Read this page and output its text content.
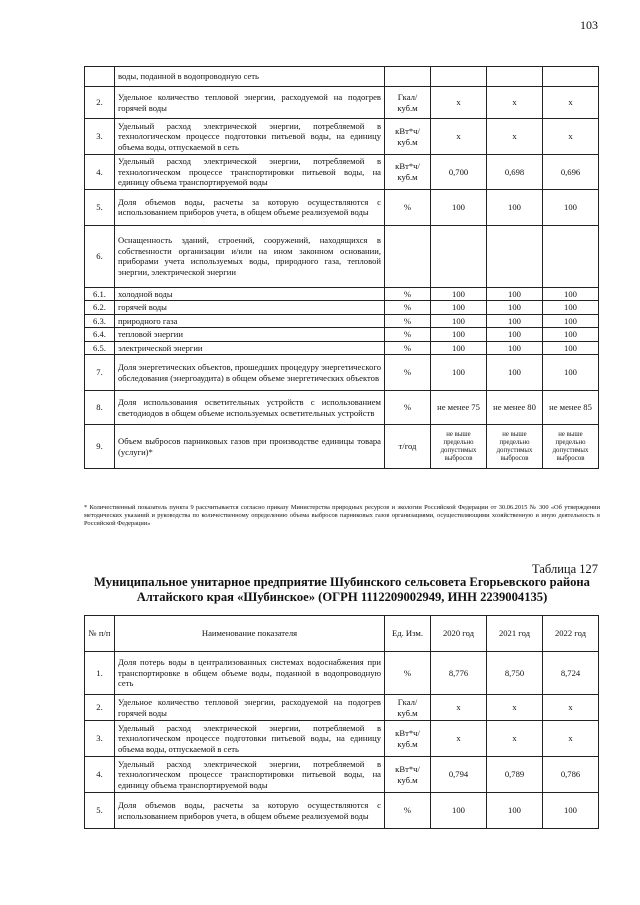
103
	воды, поданной в водопроводную сеть				
2.	Удельное количество тепловой энергии, расходуемой на подогрев горячей воды	Гкал/ куб.м	х	х	х
3.	Удельный расход электрической энергии, потребляемой в технологическом процессе подготовки питьевой воды, на единицу объема воды, отпускаемой в сеть	кВт*ч/ куб.м	х	х	х
4.	Удельный расход электрической энергии, потребляемой в технологическом процессе транспортировки питьевой воды, на единицу объема транспортируемой воды	кВт*ч/ куб.м	0,700	0,698	0,696
5.	Доля объемов воды, расчеты за которую осуществляются с использованием приборов учета, в общем объеме реализуемой воды	%	100	100	100
6.	Оснащенность зданий, строений, сооружений, находящихся в собственности организации и/или на ином законном основании, приборами учета используемых воды, природного газа, тепловой энергии, электрической энергии				
6.1.	холодной воды	%	100	100	100
6.2.	горячей воды	%	100	100	100
6.3.	природного газа	%	100	100	100
6.4.	тепловой энергии	%	100	100	100
6.5.	электрической энергии	%	100	100	100
7.	Доля энергетических объектов, прошедших процедуру энергетического обследования (энергоаудита) в общем объеме энергетических объектов	%	100	100	100
8.	Доля использования осветительных устройств с использованием светодиодов в общем объеме используемых осветительных устройств	%	не менее 75	не менее 80	не менее 85
9.	Объем выбросов парниковых газов при производстве единицы товара (услуги)*	т/год	не выше предельно допустимых выбросов	не выше предельно допустимых выбросов	не выше предельно допустимых выбросов
* Количественный показатель пункта 9 рассчитывается согласно приказу Министерства природных ресурсов и экологии Российской Федерации от 30.06.2015 № 300 «Об утверждении методических указаний и руководства по количественному определению объема выбросов парниковых газов организациями, осуществляющими хозяйственную и иную деятельность в Российской Федерации»
Таблица 127
Муниципальное унитарное предприятие Шубинского сельсовета Егорьевского района Алтайского края «Шубинское» (ОГРН 1112209002949, ИНН 2239004135)
№ п/п	Наименование показателя	Ед. Изм.	2020 год	2021 год	2022 год
1.	Доля потерь воды в централизованных системах водоснабжения при транспортировке в общем объеме воды, поданной в водопроводную сеть	%	8,776	8,750	8,724
2.	Удельное количество тепловой энергии, расходуемой на подогрев горячей воды	Гкал/ куб.м	х	х	х
3.	Удельный расход электрической энергии, потребляемой в технологическом процессе подготовки питьевой воды, на единицу объема воды, отпускаемой в сеть	кВт*ч/ куб.м	х	х	х
4.	Удельный расход электрической энергии, потребляемой в технологическом процессе транспортировки питьевой воды, на единицу объема транспортируемой воды	кВт*ч/ куб.м	0,794	0,789	0,786
5.	Доля объемов воды, расчеты за которую осуществляются с использованием приборов учета, в общем объеме реализуемой воды	%	100	100	100
